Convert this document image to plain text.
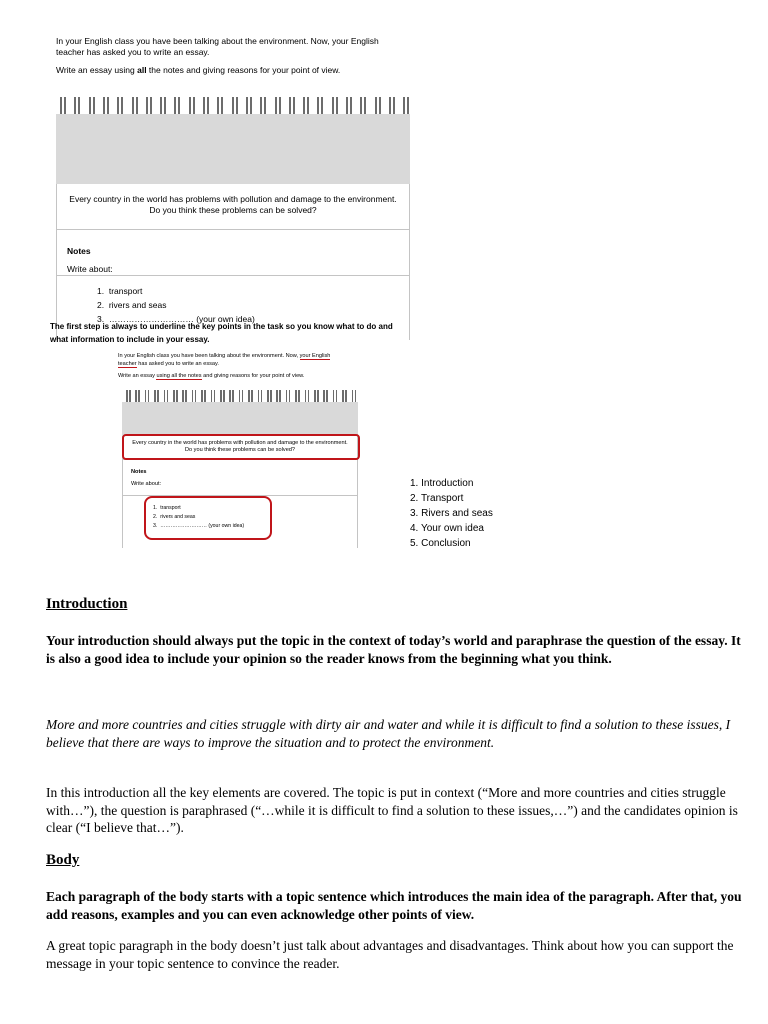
In your English class you have been talking about the environment. Now, your English
teacher has asked you to write an essay.

Write an essay using all the notes and giving reasons for your point of view.

Every country in the world has problems with pollution and damage to the environment.
Do you think these problems can be solved?
Notes
Write about:
1. transport
2. rivers and seas
3. ………………………… (your own idea)

The first step is always to underline the key points in the task so you know what to do and what information to include in your essay.

In your English class you have been talking about the environment. Now, your English
teacher has asked you to write an essay.

Write an essay using all the notes and giving reasons for your point of view.

Every country in the world has problems with pollution and damage to the environment.
Do you think these problems can be solved?
Notes
Write about:
1. transport
2. rivers and seas
3. ……………………… (your own idea)
1. Introduction
2. Transport
3. Rivers and seas
4. Your own idea
5. Conclusion
Introduction

Your introduction should always put the topic in the context of today’s world and paraphrase the question of the essay. It is also a good idea to include your opinion so the reader knows from the beginning what you think.

More and more countries and cities struggle with dirty air and water and while it is difficult to find a solution to these issues, I believe that there are ways to improve the situation and to protect the environment.

In this introduction all the key elements are covered. The topic is put in context (“More and more countries and cities struggle with…”), the question is paraphrased (“…while it is difficult to find a solution to these issues,…”) and the candidates opinion is clear (“I believe that…”).

Body

Each paragraph of the body starts with a topic sentence which introduces the main idea of the paragraph. After that, you add reasons, examples and you can even acknowledge other points of view.

A great topic paragraph in the body doesn’t just talk about advantages and disadvantages. Think about how you can support the message in your topic sentence to convince the reader.
